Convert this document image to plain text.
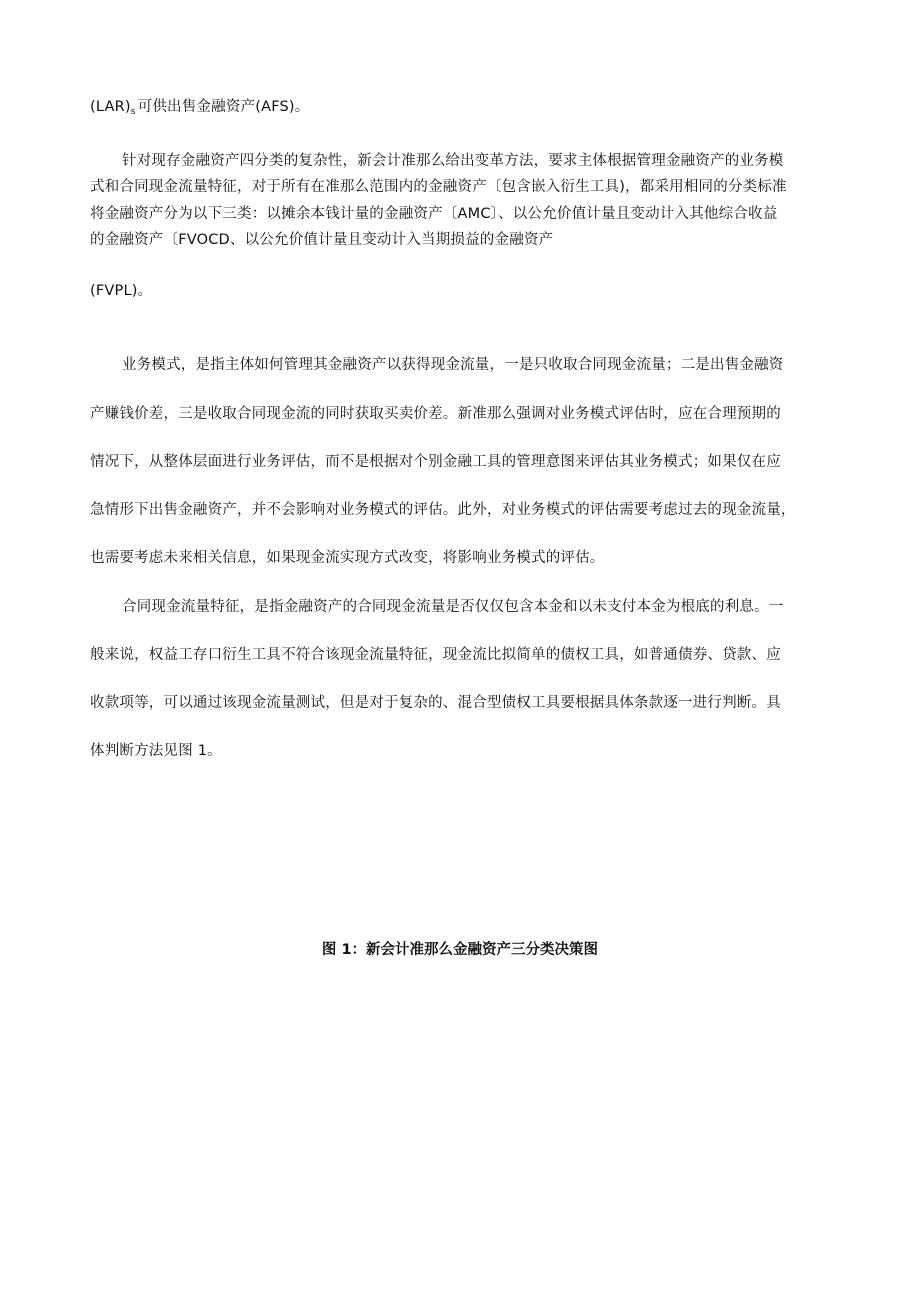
$(LAR)_s$ 可供出售金融资产(AFS)。
针对现存金融资产四分类的复杂性，新会计准那么给出变革方法，要求主体根据管理金融资产的业务模
式和合同现金流量特征，对于所有在准那么范围内的金融资产〔包含嵌入衍生工具)，都采用相同的分类标准
将金融资产分为以下三类：以摊余本钱计量的金融资产〔AMC〕、以公允价值计量且变动计入其他综合收益
的金融资产〔FVOCD、以公允价值计量且变动计入当期损益的金融资产
(FVPL)。
业务模式，是指主体如何管理其金融资产以获得现金流量，一是只收取合同现金流量；二是出售金融资
产赚钱价差，三是收取合同现金流的同时获取买卖价差。新准那么强调对业务模式评估时，应在合理预期的
情况下，从整体层面进行业务评估，而不是根据对个别金融工具的管理意图来评估其业务模式；如果仅在应
急情形下出售金融资产，并不会影响对业务模式的评估。此外，对业务模式的评估需要考虑过去的现金流量，
也需要考虑未来相关信息，如果现金流实现方式改变，将影响业务模式的评估。
合同现金流量特征，是指金融资产的合同现金流量是否仅仅包含本金和以未支付本金为根底的利息。一
般来说，权益工存口衍生工具不符合该现金流量特征，现金流比拟简单的债权工具，如普通债券、贷款、应
收款项等，可以通过该现金流量测试，但是对于复杂的、混合型债权工具要根据具体条款逐一进行判断。具
体判断方法见图 1。
图 1：新会计准那么金融资产三分类决策图
